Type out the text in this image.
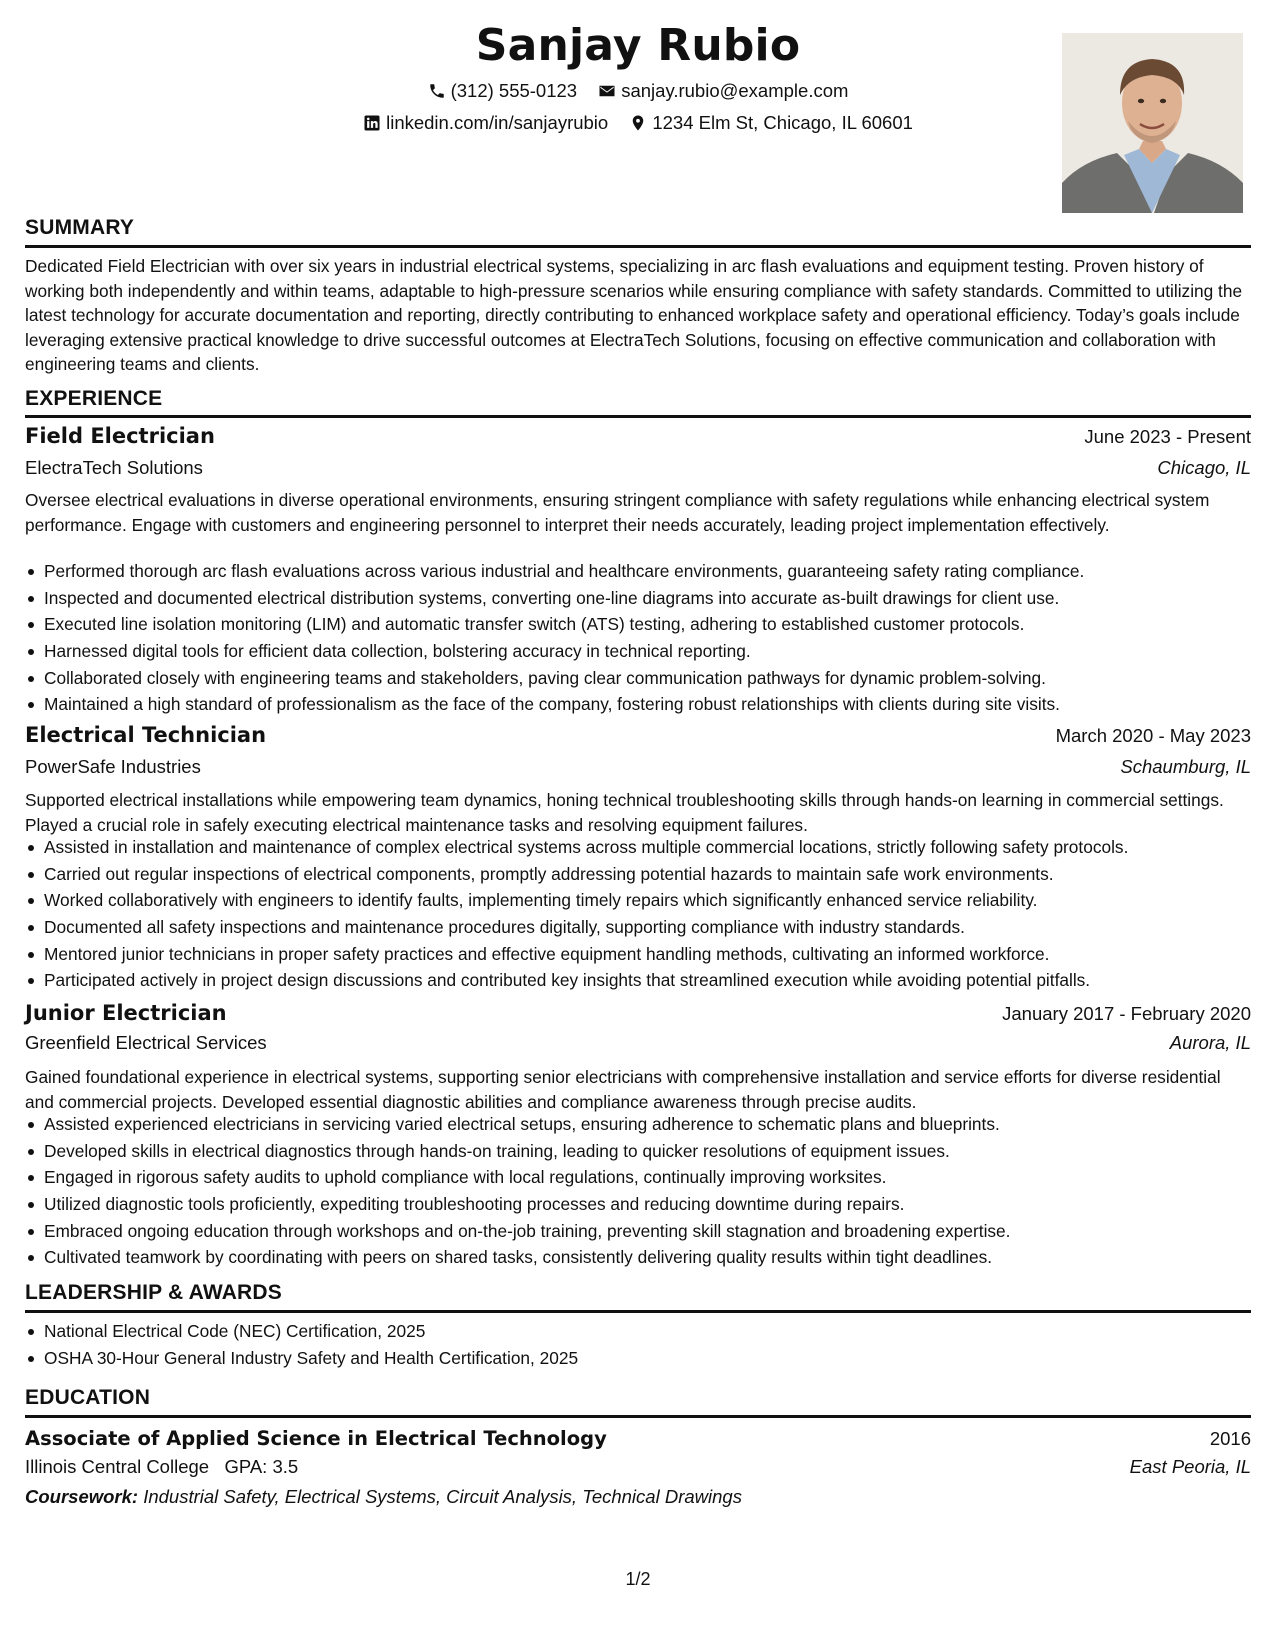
Sanjay Rubio
(312) 555-0123
sanjay.rubio@example.com
linkedin.com/in/sanjayrubio
1234 Elm St, Chicago, IL 60601
SUMMARY
Dedicated Field Electrician with over six years in industrial electrical systems, specializing in arc flash evaluations and equipment testing. Proven history of working both independently and within teams, adaptable to high-pressure scenarios while ensuring compliance with safety standards. Committed to utilizing the latest technology for accurate documentation and reporting, directly contributing to enhanced workplace safety and operational efficiency. Today’s goals include leveraging extensive practical knowledge to drive successful outcomes at ElectraTech Solutions, focusing on effective communication and collaboration with engineering teams and clients.
EXPERIENCE
Field Electrician	June 2023 - Present
ElectraTech Solutions	Chicago, IL
Oversee electrical evaluations in diverse operational environments, ensuring stringent compliance with safety regulations while enhancing electrical system performance. Engage with customers and engineering personnel to interpret their needs accurately, leading project implementation effectively.
Performed thorough arc flash evaluations across various industrial and healthcare environments, guaranteeing safety rating compliance.
Inspected and documented electrical distribution systems, converting one-line diagrams into accurate as-built drawings for client use.
Executed line isolation monitoring (LIM) and automatic transfer switch (ATS) testing, adhering to established customer protocols.
Harnessed digital tools for efficient data collection, bolstering accuracy in technical reporting.
Collaborated closely with engineering teams and stakeholders, paving clear communication pathways for dynamic problem-solving.
Maintained a high standard of professionalism as the face of the company, fostering robust relationships with clients during site visits.
Electrical Technician	March 2020 - May 2023
PowerSafe Industries	Schaumburg, IL
Supported electrical installations while empowering team dynamics, honing technical troubleshooting skills through hands-on learning in commercial settings. Played a crucial role in safely executing electrical maintenance tasks and resolving equipment failures.
Assisted in installation and maintenance of complex electrical systems across multiple commercial locations, strictly following safety protocols.
Carried out regular inspections of electrical components, promptly addressing potential hazards to maintain safe work environments.
Worked collaboratively with engineers to identify faults, implementing timely repairs which significantly enhanced service reliability.
Documented all safety inspections and maintenance procedures digitally, supporting compliance with industry standards.
Mentored junior technicians in proper safety practices and effective equipment handling methods, cultivating an informed workforce.
Participated actively in project design discussions and contributed key insights that streamlined execution while avoiding potential pitfalls.
Junior Electrician	January 2017 - February 2020
Greenfield Electrical Services	Aurora, IL
Gained foundational experience in electrical systems, supporting senior electricians with comprehensive installation and service efforts for diverse residential and commercial projects. Developed essential diagnostic abilities and compliance awareness through precise audits.
Assisted experienced electricians in servicing varied electrical setups, ensuring adherence to schematic plans and blueprints.
Developed skills in electrical diagnostics through hands-on training, leading to quicker resolutions of equipment issues.
Engaged in rigorous safety audits to uphold compliance with local regulations, continually improving worksites.
Utilized diagnostic tools proficiently, expediting troubleshooting processes and reducing downtime during repairs.
Embraced ongoing education through workshops and on-the-job training, preventing skill stagnation and broadening expertise.
Cultivated teamwork by coordinating with peers on shared tasks, consistently delivering quality results within tight deadlines.
LEADERSHIP & AWARDS
National Electrical Code (NEC) Certification, 2025
OSHA 30-Hour General Industry Safety and Health Certification, 2025
EDUCATION
Associate of Applied Science in Electrical Technology	2016
Illinois Central College GPA: 3.5	East Peoria, IL
Coursework: Industrial Safety, Electrical Systems, Circuit Analysis, Technical Drawings
1/2
